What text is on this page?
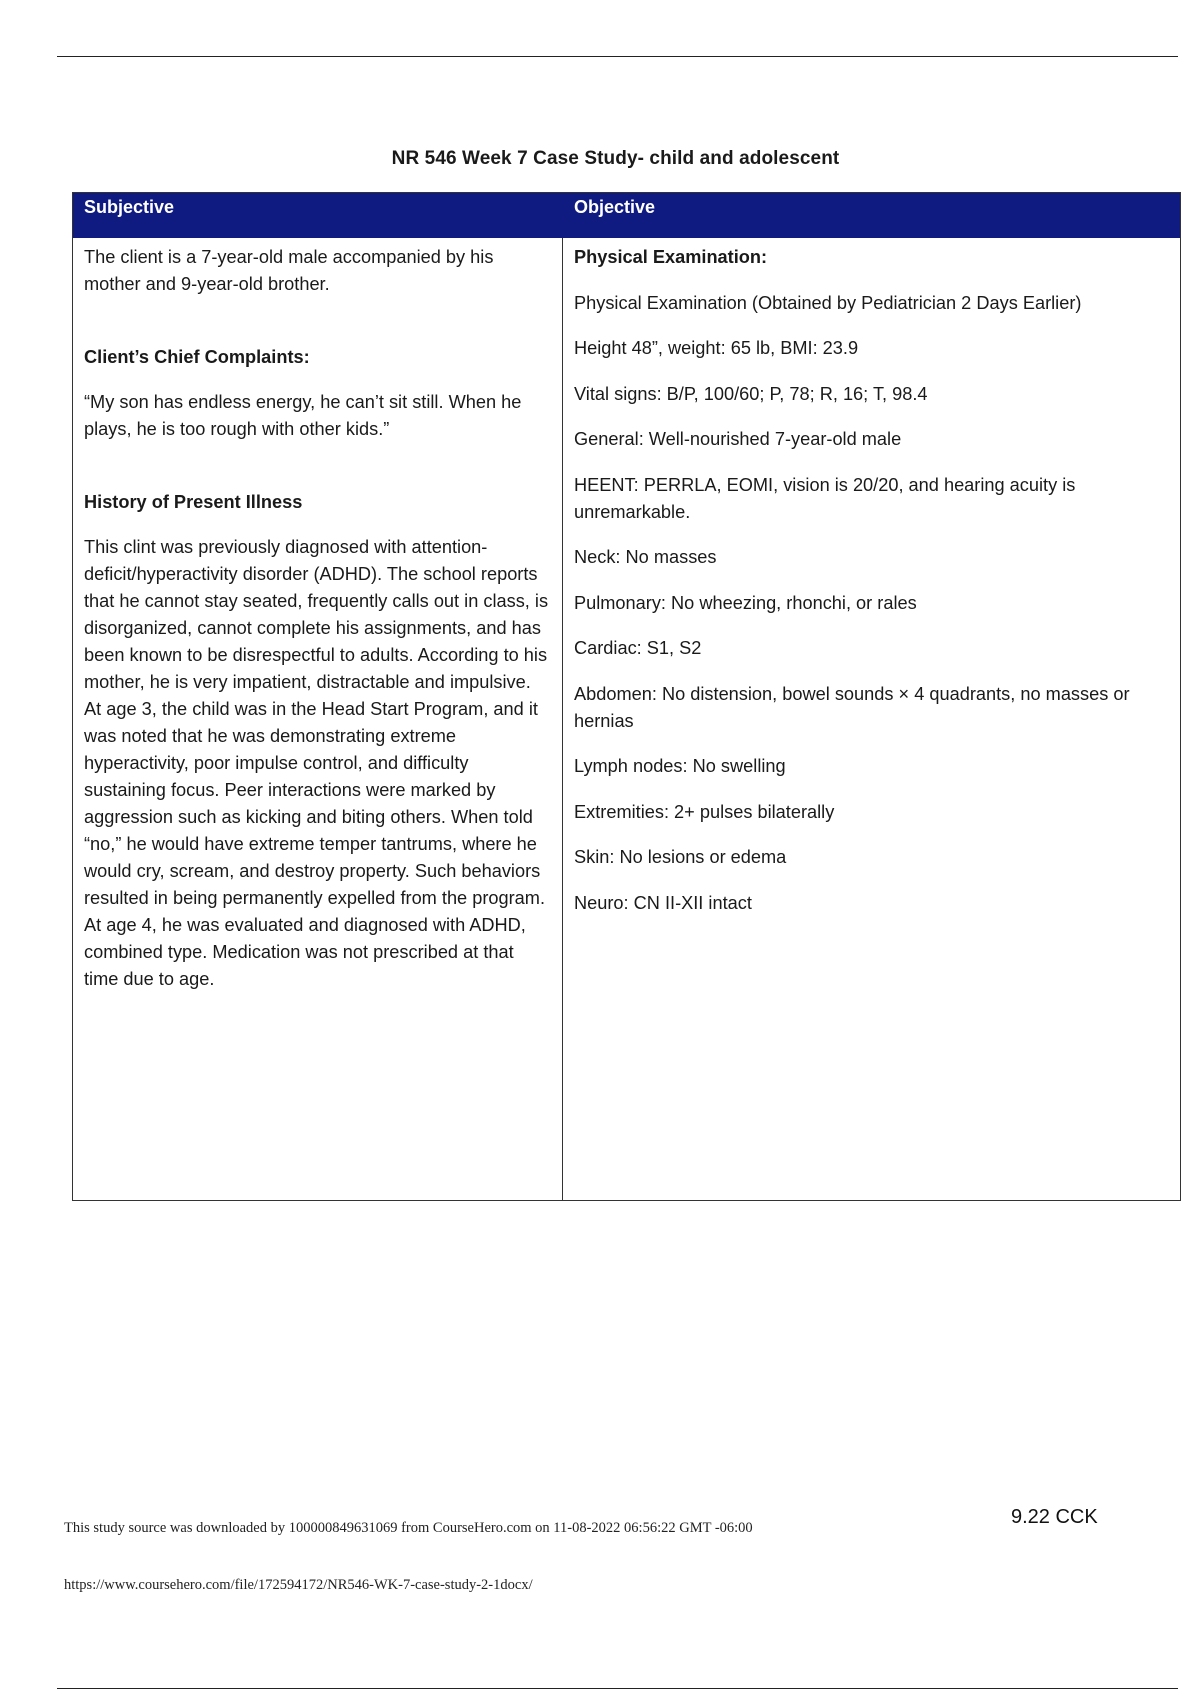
NR 546 Week 7 Case Study- child and adolescent
Subjective	Objective

The client is a 7-year-old male accompanied by his mother and 9-year-old brother.

Client’s Chief Complaints:

“My son has endless energy, he can’t sit still. When he plays, he is too rough with other kids.”

History of Present Illness

This clint was previously diagnosed with attention-deficit/hyperactivity disorder (ADHD). The school reports that he cannot stay seated, frequently calls out in class, is disorganized, cannot complete his assignments, and has been known to be disrespectful to adults. According to his mother, he is very impatient, distractable and impulsive. At age 3, the child was in the Head Start Program, and it was noted that he was demonstrating extreme hyperactivity, poor impulse control, and difficulty sustaining focus. Peer interactions were marked by aggression such as kicking and biting others. When told “no,” he would have extreme temper tantrums, where he would cry, scream, and destroy property. Such behaviors resulted in being permanently expelled from the program. At age 4, he was evaluated and diagnosed with ADHD, combined type. Medication was not prescribed at that time due to age.

Physical Examination:

Physical Examination (Obtained by Pediatrician 2 Days Earlier)

Height 48”, weight: 65 lb, BMI: 23.9

Vital signs: B/P, 100/60; P, 78; R, 16; T, 98.4

General: Well-nourished 7-year-old male

HEENT: PERRLA, EOMI, vision is 20/20, and hearing acuity is unremarkable.

Neck: No masses

Pulmonary: No wheezing, rhonchi, or rales

Cardiac: S1, S2

Abdomen: No distension, bowel sounds × 4 quadrants, no masses or hernias

Lymph nodes: No swelling

Extremities: 2+ pulses bilaterally

Skin: No lesions or edema

Neuro: CN II-XII intact

This study source was downloaded by 100000849631069 from CourseHero.com on 11-08-2022 06:56:22 GMT -06:00	9.22 CCK
https://www.coursehero.com/file/172594172/NR546-WK-7-case-study-2-1docx/
